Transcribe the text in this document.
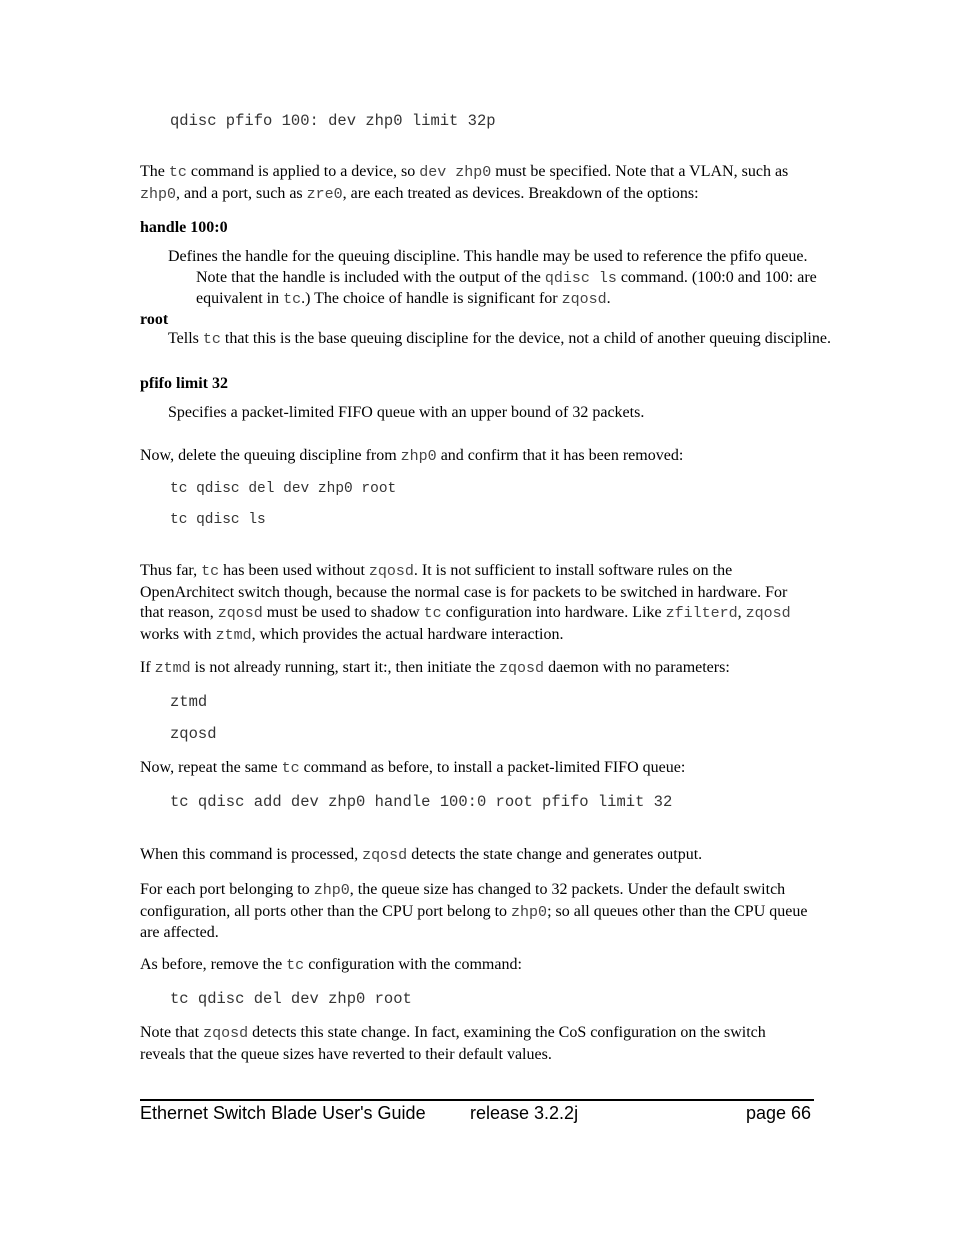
qdisc pfifo 100: dev zhp0 limit 32p

The tc command is applied to a device, so dev zhp0 must be specified. Note that a VLAN, such as zhp0, and a port, such as zre0, are each treated as devices. Breakdown of the options:

handle 100:0

Defines the handle for the queuing discipline. This handle may be used to reference the pfifo queue. Note that the handle is included with the output of the qdisc ls command. (100:0 and 100: are equivalent in tc.) The choice of handle is significant for zqosd.

root

Tells tc that this is the base queuing discipline for the device, not a child of another queuing discipline.

pfifo limit 32

Specifies a packet-limited FIFO queue with an upper bound of 32 packets.

Now, delete the queuing discipline from zhp0 and confirm that it has been removed:

tc qdisc del dev zhp0 root
tc qdisc ls

Thus far, tc has been used without zqosd. It is not sufficient to install software rules on the OpenArchitect switch though, because the normal case is for packets to be switched in hardware. For that reason, zqosd must be used to shadow tc configuration into hardware. Like zfilterd, zqosd works with ztmd, which provides the actual hardware interaction.

If ztmd is not already running, start it:, then initiate the zqosd daemon with no parameters:

ztmd
zqosd

Now, repeat the same tc command as before, to install a packet-limited FIFO queue:

tc qdisc add dev zhp0 handle 100:0 root pfifo limit 32

When this command is processed, zqosd detects the state change and generates output.

For each port belonging to zhp0, the queue size has changed to 32 packets. Under the default switch configuration, all ports other than the CPU port belong to zhp0; so all queues other than the CPU queue are affected.

As before, remove the tc configuration with the command:

tc qdisc del dev zhp0 root

Note that zqosd detects this state change. In fact, examining the CoS configuration on the switch reveals that the queue sizes have reverted to their default values.

Ethernet Switch Blade User's Guide release 3.2.2j	page 66
